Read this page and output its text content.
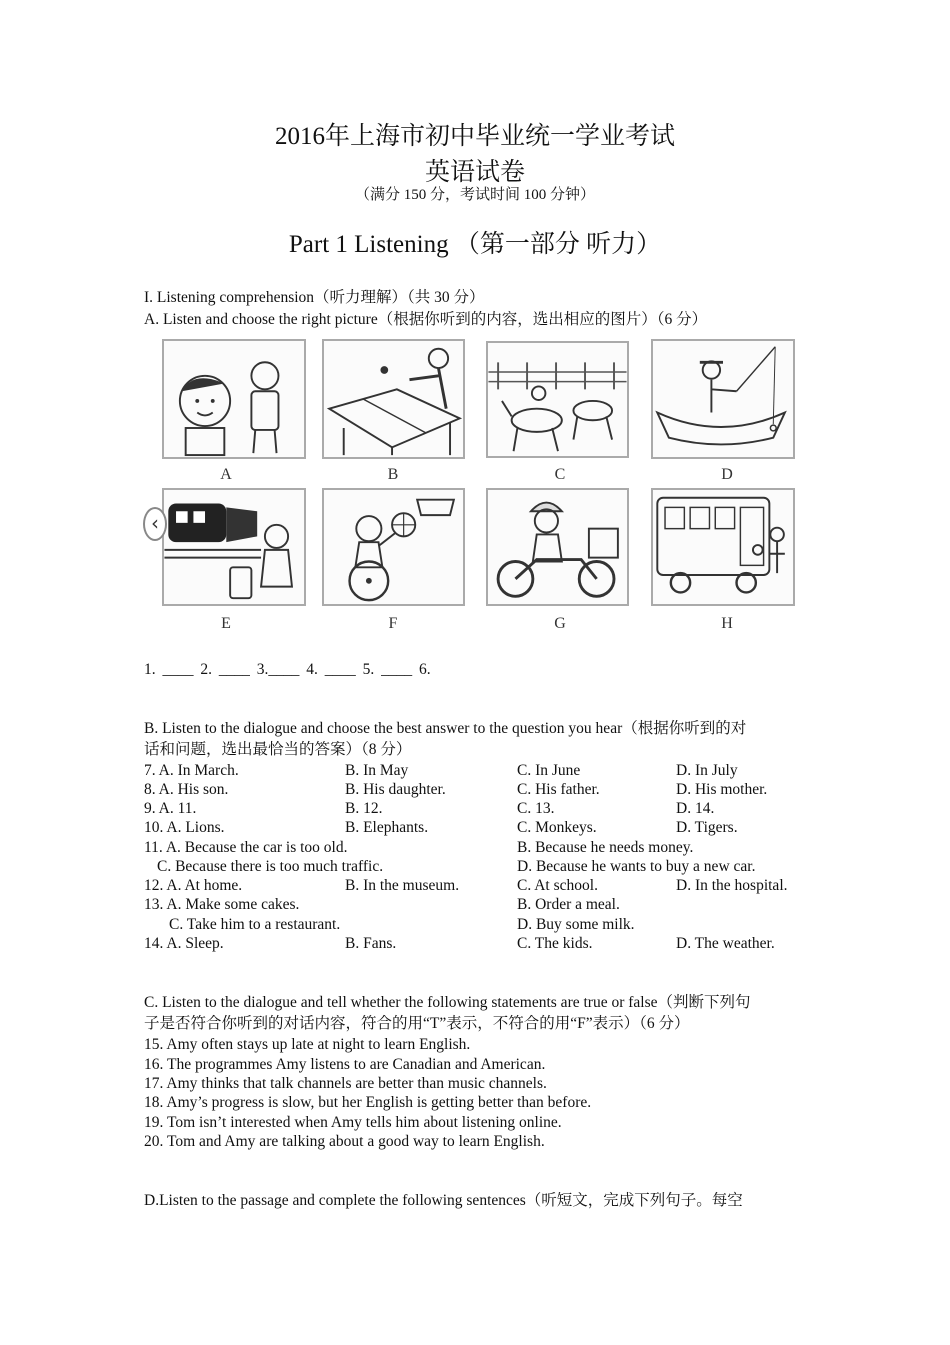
2016年上海市初中毕业统一学业考试
英语试卷
（满分 150 分，考试时间 100 分钟）
Part 1 Listening （第一部分 听力）
I. Listening comprehension（听力理解）（共 30 分）
A. Listen and choose the right picture（根据你听到的内容，选出相应的图片）（6 分）
A	B	C	D
‹
E	F	G	H
1. ____ 2. ____ 3.____ 4. ____ 5. ____ 6.
B. Listen to the dialogue and choose the best answer to the question you hear（根据你听到的对
话和问题，选出最恰当的答案）（8 分）
7. A. In March.	B. In May	C. In June	D. In July
8. A. His son.	B. His daughter.	C. His father.	D. His mother.
9. A. 11.	B. 12.	C. 13.	D. 14.
10. A. Lions.	B. Elephants.	C. Monkeys.	D. Tigers.
11. A. Because the car is too old.	B. Because he needs money.
C. Because there is too much traffic.	D. Because he wants to buy a new car.
12. A. At home.	B. In the museum.	C. At school.	D. In the hospital.
13. A. Make some cakes.	B. Order a meal.
C. Take him to a restaurant.	D. Buy some milk.
14. A. Sleep.	B. Fans.	C. The kids.	D. The weather.
C. Listen to the dialogue and tell whether the following statements are true or false（判断下列句
子是否符合你听到的对话内容，符合的用“T”表示，不符合的用“F”表示）（6 分）
15. Amy often stays up late at night to learn English.
16. The programmes Amy listens to are Canadian and American.
17. Amy thinks that talk channels are better than music channels.
18. Amy’s progress is slow, but her English is getting better than before.
19. Tom isn’t interested when Amy tells him about listening online.
20. Tom and Amy are talking about a good way to learn English.
D.Listen to the passage and complete the following sentences（听短文，完成下列句子。每空
